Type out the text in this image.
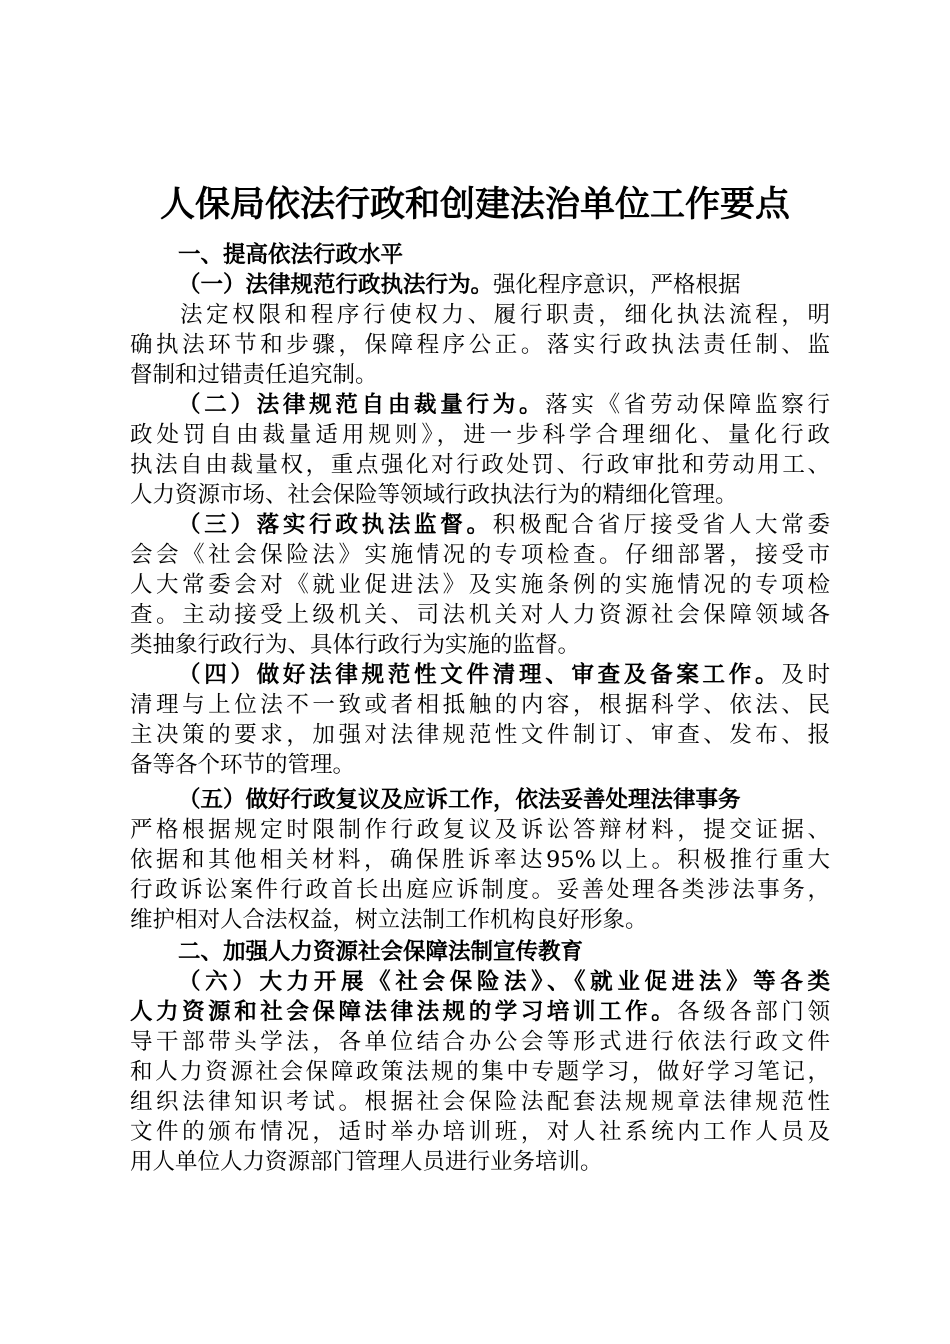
人保局依法行政和创建法治单位工作要点
一、提高依法行政水平
（一）法律规范行政执法行为。强化程序意识，严格根据
法定权限和程序行使权力、履行职责，细化执法流程，明
确执法环节和步骤，保障程序公正。落实行政执法责任制、监
督制和过错责任追究制。
（二）法律规范自由裁量行为。落实《省劳动保障监察行
政处罚自由裁量适用规则》，进一步科学合理细化、量化行政
执法自由裁量权，重点强化对行政处罚、行政审批和劳动用工、
人力资源市场、社会保险等领域行政执法行为的精细化管理。
（三）落实行政执法监督。积极配合省厅接受省人大常委
会会《社会保险法》实施情况的专项检查。仔细部署，接受市
人大常委会对《就业促进法》及实施条例的实施情况的专项检
查。主动接受上级机关、司法机关对人力资源社会保障领域各
类抽象行政行为、具体行政行为实施的监督。
（四）做好法律规范性文件清理、审查及备案工作。及时
清理与上位法不一致或者相抵触的内容，根据科学、依法、民
主决策的要求，加强对法律规范性文件制订、审查、发布、报
备等各个环节的管理。
（五）做好行政复议及应诉工作，依法妥善处理法律事务
严格根据规定时限制作行政复议及诉讼答辩材料，提交证据、
依据和其他相关材料，确保胜诉率达95%以上。积极推行重大
行政诉讼案件行政首长出庭应诉制度。妥善处理各类涉法事务，
维护相对人合法权益，树立法制工作机构良好形象。
二、加强人力资源社会保障法制宣传教育
（六）大力开展《社会保险法》、《就业促进法》等各类
人力资源和社会保障法律法规的学习培训工作。各级各部门领
导干部带头学法，各单位结合办公会等形式进行依法行政文件
和人力资源社会保障政策法规的集中专题学习，做好学习笔记，
组织法律知识考试。根据社会保险法配套法规规章法律规范性
文件的颁布情况，适时举办培训班，对人社系统内工作人员及
用人单位人力资源部门管理人员进行业务培训。
